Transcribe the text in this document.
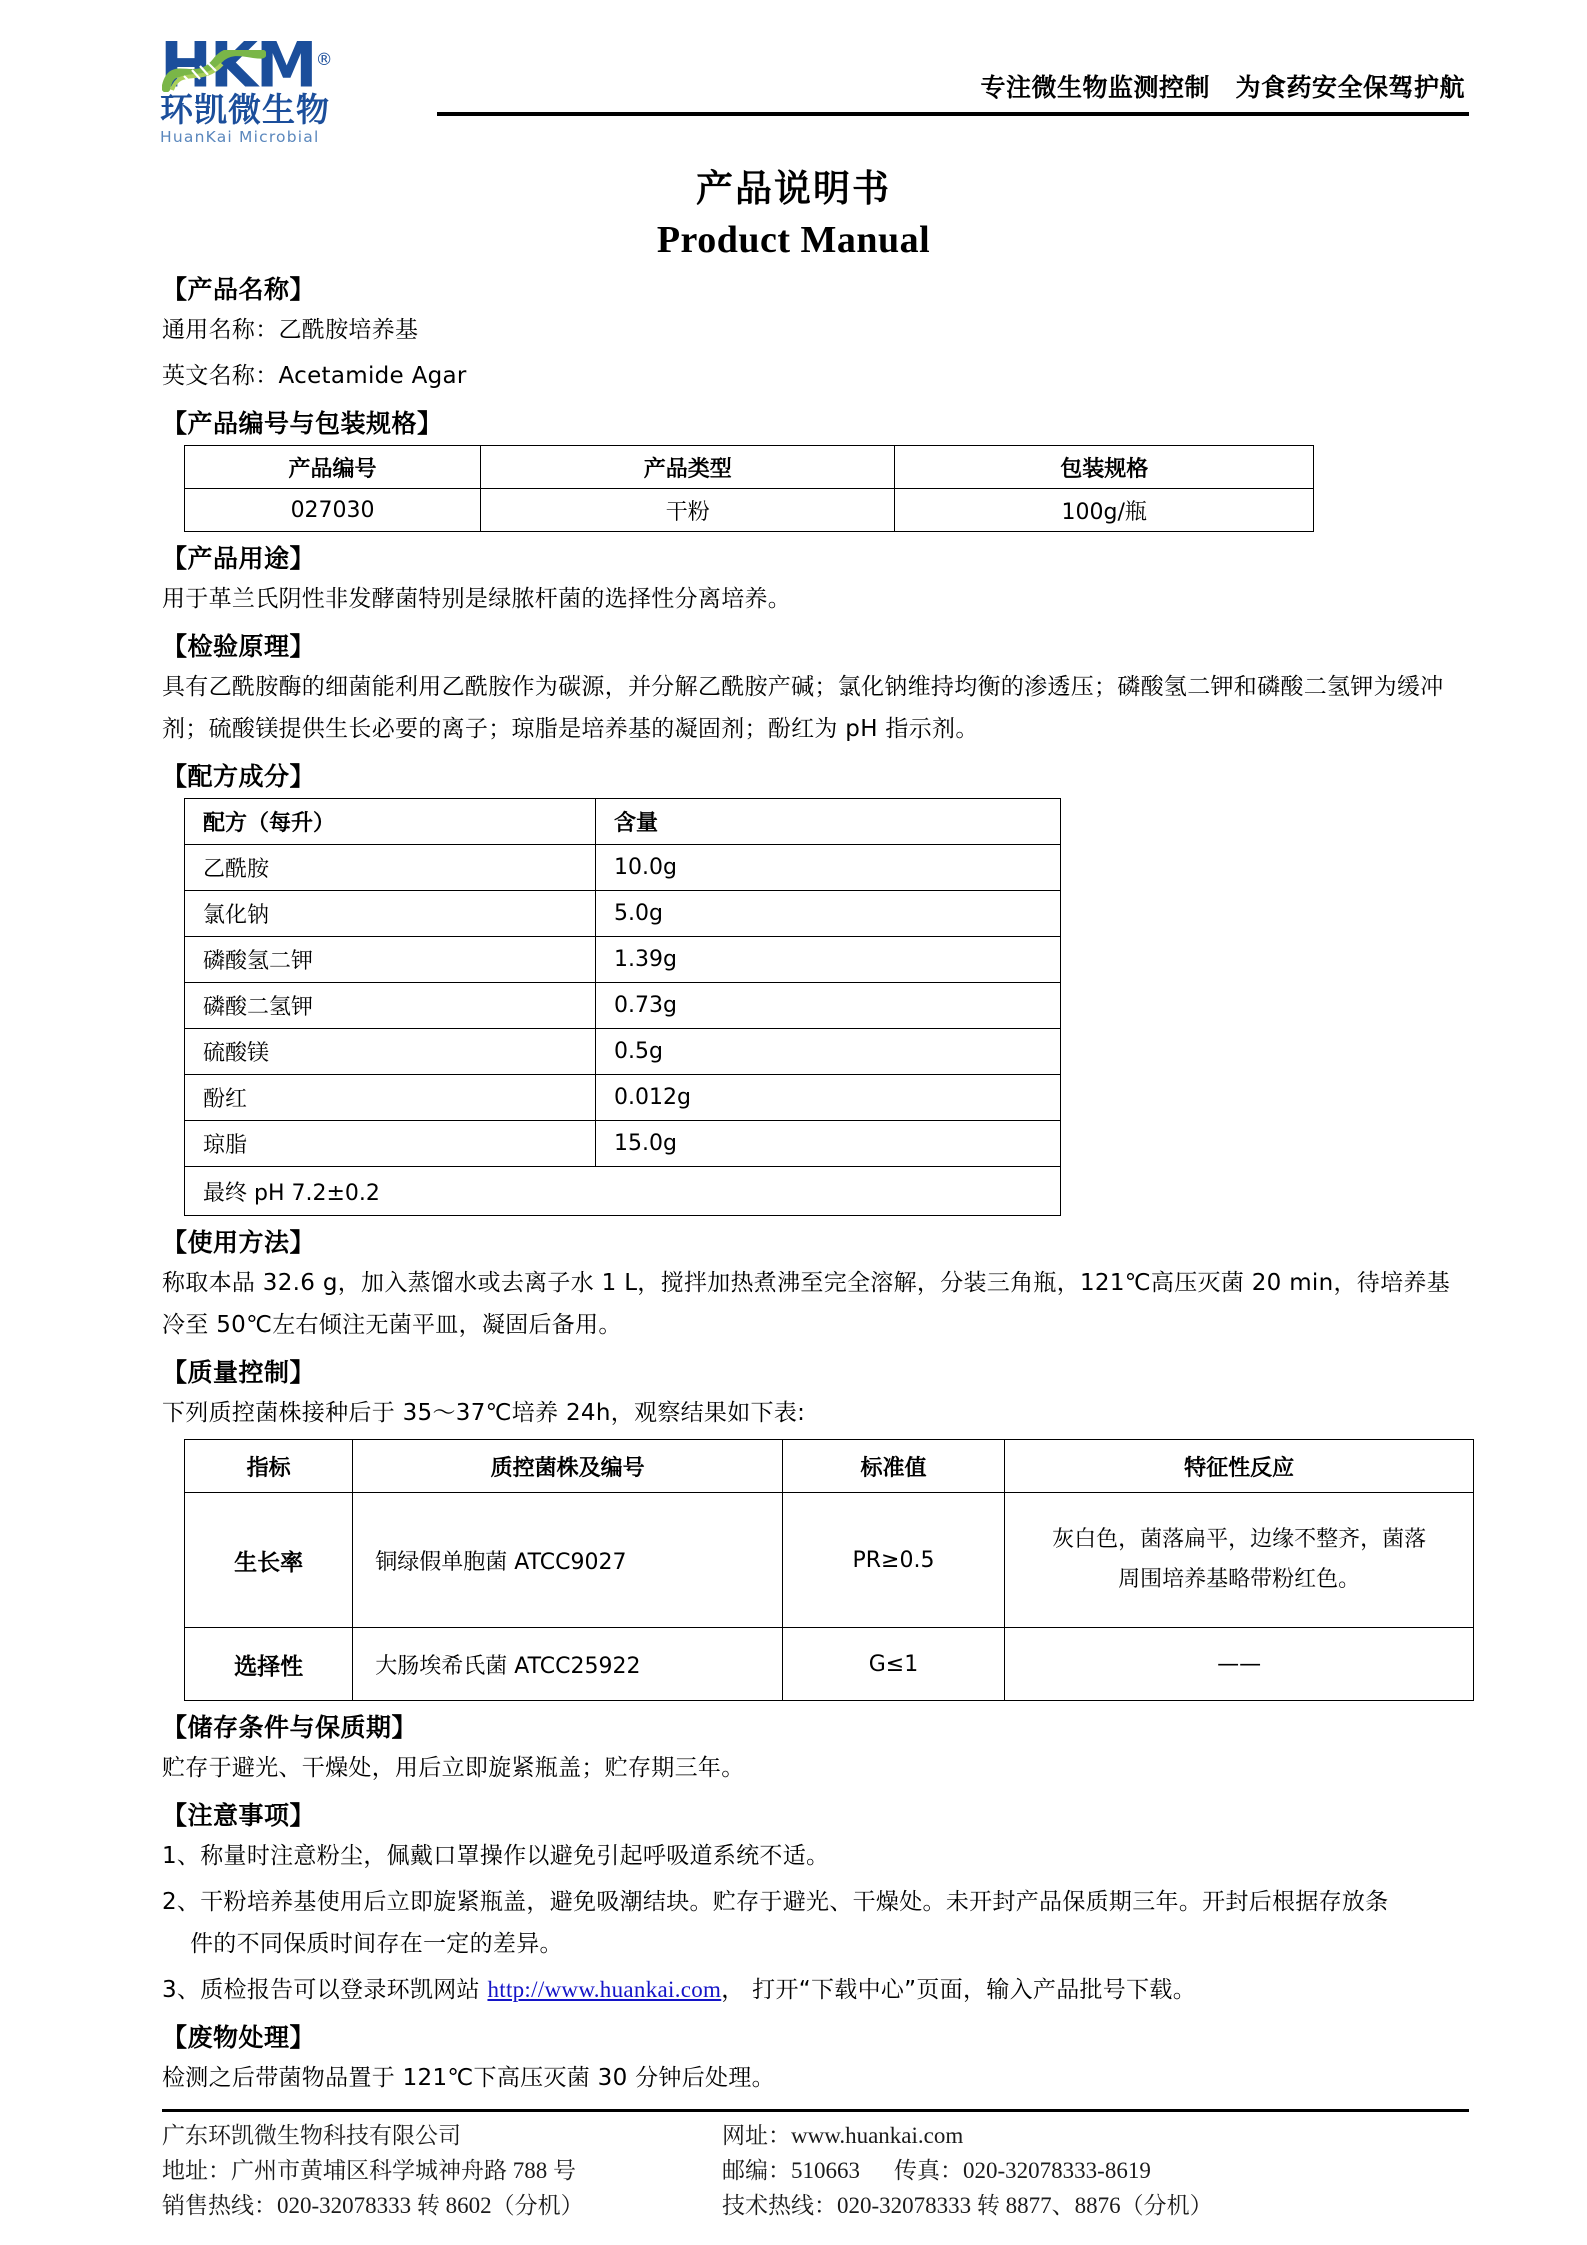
HKM®
环凯微生物
HuanKai Microbial
专注微生物监测控制　为食药安全保驾护航
产品说明书
Product Manual
【产品名称】
通用名称：乙酰胺培养基
英文名称：Acetamide Agar
【产品编号与包装规格】
产品编号	产品类型	包装规格
027030	干粉	100g/瓶
【产品用途】
用于革兰氏阴性非发酵菌特别是绿脓杆菌的选择性分离培养。
【检验原理】
具有乙酰胺酶的细菌能利用乙酰胺作为碳源，并分解乙酰胺产碱；氯化钠维持均衡的渗透压；磷酸氢二钾和磷酸二氢钾为缓冲剂；硫酸镁提供生长必要的离子；琼脂是培养基的凝固剂；酚红为 pH 指示剂。
【配方成分】
配方（每升）	含量
乙酰胺	10.0g
氯化钠	5.0g
磷酸氢二钾	1.39g
磷酸二氢钾	0.73g
硫酸镁	0.5g
酚红	0.012g
琼脂	15.0g
最终 pH 7.2±0.2	
【使用方法】
称取本品 32.6 g，加入蒸馏水或去离子水 1 L，搅拌加热煮沸至完全溶解，分装三角瓶，121℃高压灭菌 20 min，待培养基冷至 50℃左右倾注无菌平皿，凝固后备用。
【质量控制】
下列质控菌株接种后于 35～37℃培养 24h，观察结果如下表:
指标	质控菌株及编号	标准值	特征性反应
生长率	铜绿假单胞菌 ATCC9027	PR≥0.5	灰白色，菌落扁平，边缘不整齐，菌落
周围培养基略带粉红色。

选择性	大肠埃希氏菌 ATCC25922	G≤1	——
【储存条件与保质期】
贮存于避光、干燥处，用后立即旋紧瓶盖；贮存期三年。
【注意事项】
1、称量时注意粉尘，佩戴口罩操作以避免引起呼吸道系统不适。
2、干粉培养基使用后立即旋紧瓶盖，避免吸潮结块。贮存于避光、干燥处。未开封产品保质期三年。开封后根据存放条
件的不同保质时间存在一定的差异。
3、质检报告可以登录环凯网站 http://www.huankai.com， 打开“下载中心”页面，输入产品批号下载。
【废物处理】
检测之后带菌物品置于 121℃下高压灭菌 30 分钟后处理。
广东环凯微生物科技有限公司
地址：广州市黄埔区科学城神舟路 788 号
销售热线：020-32078333 转 8602（分机）
网址：www.huankai.com
邮编：510663 传真：020-32078333-8619
技术热线：020-32078333 转 8877、8876（分机）
